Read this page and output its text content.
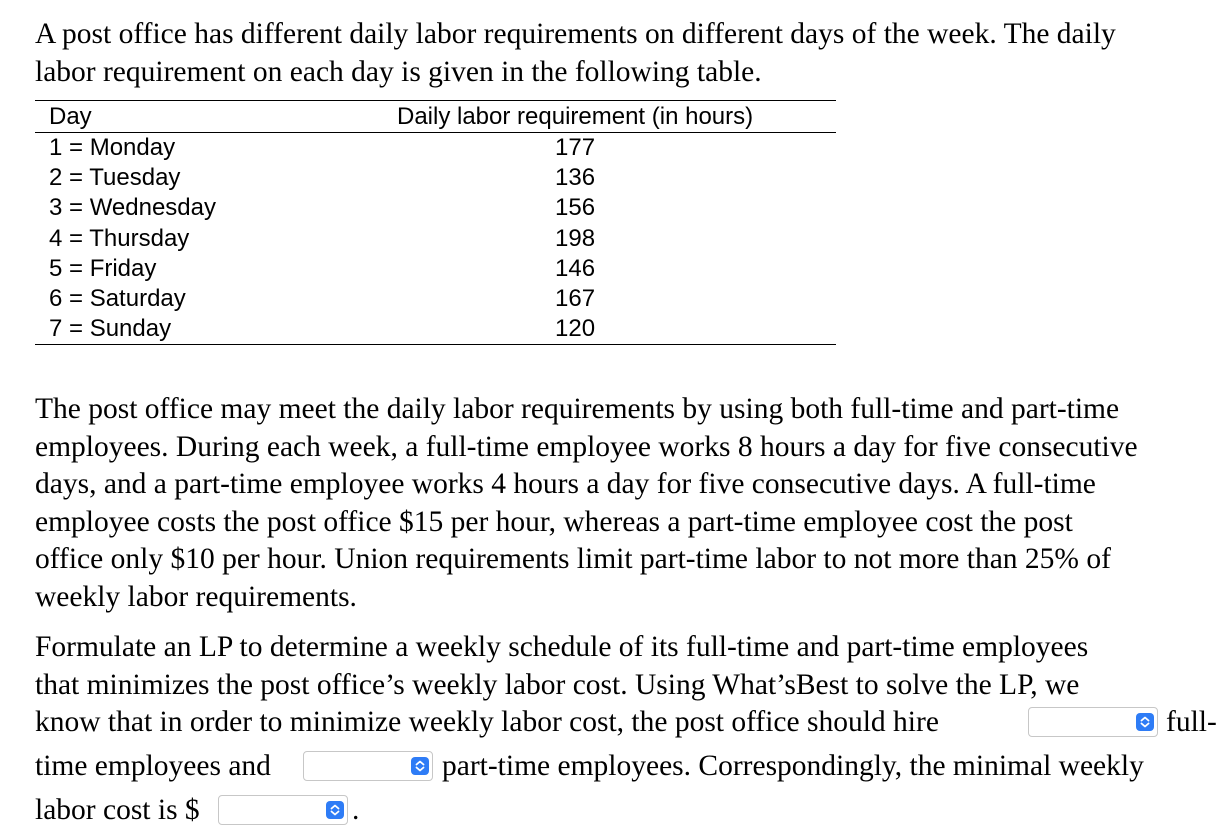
A post office has different daily labor requirements on different days of the week. The daily
labor requirement on each day is given in the following table.
Day	Daily labor requirement (in hours)	
1 = Monday	177	
2 = Tuesday	136	
3 = Wednesday	156	
4 = Thursday	198	
5 = Friday	146	
6 = Saturday	167	
7 = Sunday	120	
The post office may meet the daily labor requirements by using both full-time and part-time
employees. During each week, a full-time employee works 8 hours a day for five consecutive
days, and a part-time employee works 4 hours a day for five consecutive days. A full-time
employee costs the post office $15 per hour, whereas a part-time employee cost the post
office only $10 per hour. Union requirements limit part-time labor to not more than 25% of
weekly labor requirements.
Formulate an LP to determine a weekly schedule of its full-time and part-time employees
that minimizes the post office’s weekly labor cost. Using What’sBest to solve the LP, we
know that in order to minimize weekly labor cost, the post office should hire	full-
time employees and	part-time employees. Correspondingly, the minimal weekly
labor cost is $	.
